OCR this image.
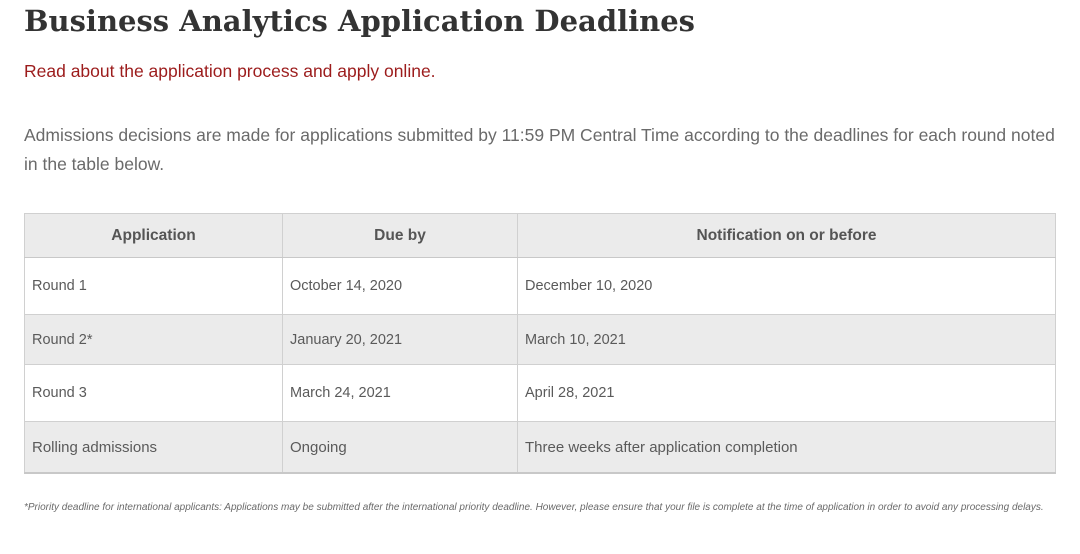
Business Analytics Application Deadlines
Read about the application process and apply online.

Admissions decisions are made for applications submitted by 11:59 PM Central Time according to the deadlines for each round noted in the table below.

Application	Due by	Notification on or before
Round 1	October 14, 2020	December 10, 2020
Round 2*	January 20, 2021	March 10, 2021
Round 3	March 24, 2021	April 28, 2021
Rolling admissions	Ongoing	Three weeks after application completion

*Priority deadline for international applicants: Applications may be submitted after the international priority deadline. However, please ensure that your file is complete at the time of application in order to avoid any processing delays.
